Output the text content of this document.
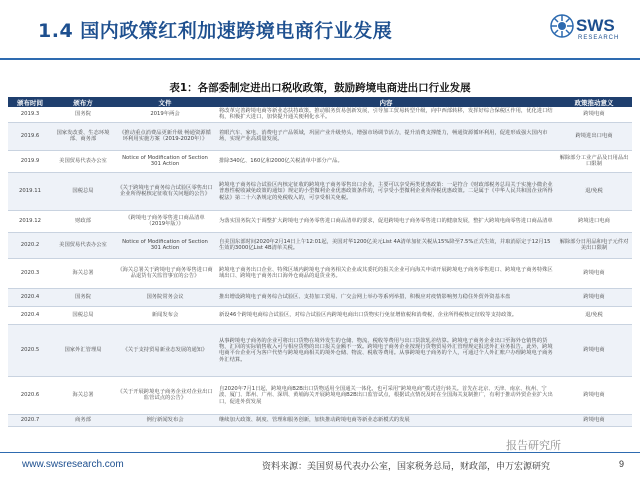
1.4 国内政策红利加速跨境电商行业发展	SWS
RESEARCH
表1：各部委制定进出口税收政策，鼓励跨境电商进出口行业发展
颁布时间	颁布方	文件	内容	政策推动意义
2019.3	国务院	2019年两会	将改革完善跨境电商等新业态扶持政策。推动服务贸易创新发展，引导加工贸易转型升级，向中西部转移，发挥好综合保税区作用，优化进口结构，积极扩大进口，加快提升通关便利化水平。	跨境电商
2019.6	国家发改委、生态环境部、商务部	《推动重点消费品更新升级 畅通资源循环利用实施方案（2019-2020年）》	着眼汽车、家电、消费电子产品领域，巩固产业升级势头，增强市场调节活力，提升消费支撑能力，畅通资源循环利用，促进形成强大国内市场，实现产业高质量发展。	跨境进出口电商
2019.9	美国贸易代表办公室	Notice of Modification of Section 301 Action	排除340亿、160亿和2000亿关税清单中部分产品。	解除部分工业产品及日用品出口限制
2019.11	国税总局	《关于跨境电子商务综合试验区零售出口企业所得税核定征收有关问题的公告》	跨境电子商务综合试验区内核定征收的跨境电子商务零售出口企业，主要可以享受两类优惠政策：一是符合《财政部税务总局关于实施小微企业普惠性税收减免政策的通知》规定的小型微利企业优惠政策条件的，可享受小型微利企业所得税优惠政策。二是属于《中华人民共和国企业所得税法》第二十六条规定的免税收入的，可享受相关免税。	退/免税
2019.12	财政部	《跨境电子商务零售进口商品清单（2019年版）》	为落实国务院关于调整扩大跨境电子商务零售进口商品清单的要求，促进跨境电子商务零售进口的健康发展，整扩大跨境电商零售进口商品清单	跨境进口电商
2020.2	美国贸易代表办公室	Notice of Modification of Section 301 Action	自美国东部时间2020年2月14日上午12:01起，美国对华1200亿美元List 4A清单加征关税从15%降至7.5%正式生效，并取消原定于12月15生效的3000亿List 4B清单关税。	解除部分日用品和电子元件对美出口限制
2020.3	海关总署	《海关总署关于跨境电子商务零售进口商品退货有关监管事宜的公告》	跨境电子商务出口企业、特殊区域内跨境电子商务相关企业或其委托的报关企业可向海关申请开展跨境电子商务零售进口、跨境电子商务特殊区域出口、跨境电子商务出口海外仓商品的退货业务。	跨境电商
2020.4	国务院	国务院常务会议	推出增设跨境电子商务综合试验区、支持加工贸易、广交会网上举办等系列举措，积极应对疫情影响努力稳住外贸外资基本盘	跨境电商
2020.4	国税总局	新闻发布会	新设46个跨境电商综合试验区，对综合试验区内跨境电商出口货物实行免征增值税和消费税，企业所得税核定征收等支持政策。	退/免税
2020.5	国家外汇管理局	《关于支持贸易新业态发展的通知》	从事跨境电子商务的企业可将出口货物在境外发生的仓储、物流、税收等费用与出口货款轧差结算。跨境电子商务企业出口至海外仓销售的货物，汇回的实际销售收入可与相应货物的出口报关金额不一致。跨境电子商务企业按现行货物贸易外汇管理规定报送外汇业务报告。此外，跨境电商平台企业可为客户代垫与跨境电商相关的境外仓储、物流、税收等费用。从事跨境电子商务的个人，可通过个人外汇账户办理跨境电子商务外汇结算。	跨境电商
2020.6	海关总署	《关于开展跨境电子商务企业对企业出口监管试点的公告》	自2020年7月1日起，跨境电商B2B出口货物适用全国通关一体化，也可采用“跨境电商”模式进行转关。首先在北京、天津、南京、杭州、宁波、厦门、郑州、广州、深圳、黄埔海关开展跨境电商B2B出口监管试点，根据试点情况及时在全国海关复制推广，有利于推动外贸企业扩大出口，促进外贸发展	跨境电商
2020.7	商务部	例行新闻发布会	继续加大政策、制度、管理和服务创新，加快推动跨境电商等新业态新模式的发展	跨境电商
报告研究所
www.swsresearch.com	资料来源：美国贸易代表办公室，国家税务总局，财政部，申万宏源研究	9
